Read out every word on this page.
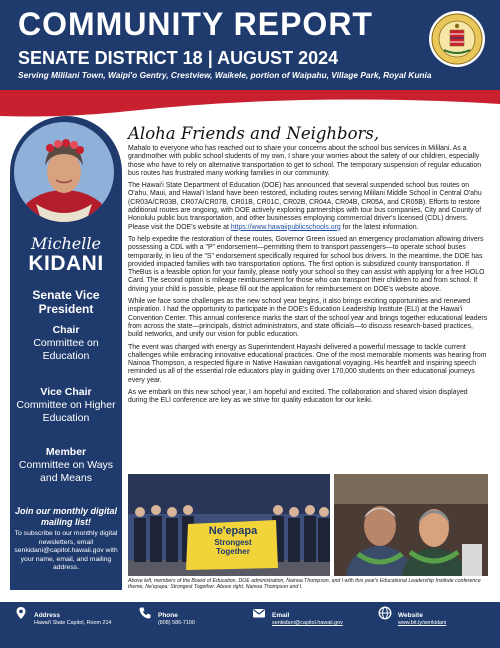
COMMUNITY REPORT
SENATE DISTRICT 18 | AUGUST 2024
Serving Mililani Town, Waipi'o Gentry, Crestview, Waikele, portion of Waipahu, Village Park, Royal Kunia
Michelle
KIDANI
Senate Vice President
Chair
Committee on Education
Vice Chair
Committee on Higher Education
Member
Committee on Ways and Means
Join our monthly digital mailing list!
To subscribe to our monthly digital newsletters, email senkidani@capitol.hawaii.gov with your name, email, and mailing address.
Aloha Friends and Neighbors,

Mahalo to everyone who has reached out to share your concerns about the school bus services in Mililani. As a grandmother with public school students of my own, I share your worries about the safety of our children, especially those who have to rely on alternative transportation to get to school. The temporary suspension of regular education bus routes has frustrated many working families in our community.

The Hawai'i State Department of Education (DOE) has announced that several suspended school bus routes on O'ahu, Maui, and Hawai'i Island have been restored, including routes serving Mililani Middle School in Central O'ahu (CR03A/CR03B, CR07A/CR07B, CR01B, CR01C, CR02B, CR04A, CR04B, CR05A, and CR05B). Efforts to restore additional routes are ongoing, with DOE actively exploring partnerships with tour bus companies, City and County of Honolulu public bus transportation, and other businesses employing commercial driver's licensed (CDL) drivers. Please visit the DOE's website at https://www.hawaiipublicschools.org for the latest information.

To help expedite the restoration of these routes, Governor Green issued an emergency proclamation allowing drivers possessing a CDL with a "P" endorsement—permitting them to transport passengers—to operate school buses temporarily, in lieu of the "S" endorsement specifically required for school bus drivers. In the meantime, the DOE has provided impacted families with two transportation options. The first option is subsidized county transportation. If TheBus is a feasible option for your family, please notify your school so they can assist with applying for a free HOLO Card. The second option is mileage reimbursement for those who can transport their children to and from school. If driving your child is possible, please fill out the application for reimbursement on DOE's website above.

While we face some challenges as the new school year begins, it also brings exciting opportunities and renewed inspiration. I had the opportunity to participate in the DOE's Education Leadership Institute (ELI) at the Hawai'i Convention Center. This annual conference marks the start of the school year and brings together educational leaders from across the state—principals, district administrators, and state officials—to discuss research-based practices, build networks, and unify our vision for public education.

The event was charged with energy as Superintendent Hayashi delivered a powerful message to tackle current challenges while embracing innovative educational practices. One of the most memorable moments was hearing from Nainoa Thompson, a respected figure in Native Hawaiian navigational voyaging. His heartfelt and inspiring speech reminded us all of the essential role educators play in guiding over 170,000 students on their educational journeys every year.

As we embark on this new school year, I am hopeful and excited. The collaboration and shared vision displayed during the ELI conference are key as we strive for quality education for our keiki.

Ne'epapa
Strongest
Together
Above left, members of the Board of Education, DOE administration, Nainoa Thompson, and I with this year's Educational Leadership Institute conference theme, Ne'epapa: Strongest Together. Above right, Nainoa Thompson and I.
Address
Hawai'i State Capitol, Room 214
Phone
(808) 586-7100
Email
senkidani@capitol.hawaii.gov
Website
www.bit.ly/senkidani
